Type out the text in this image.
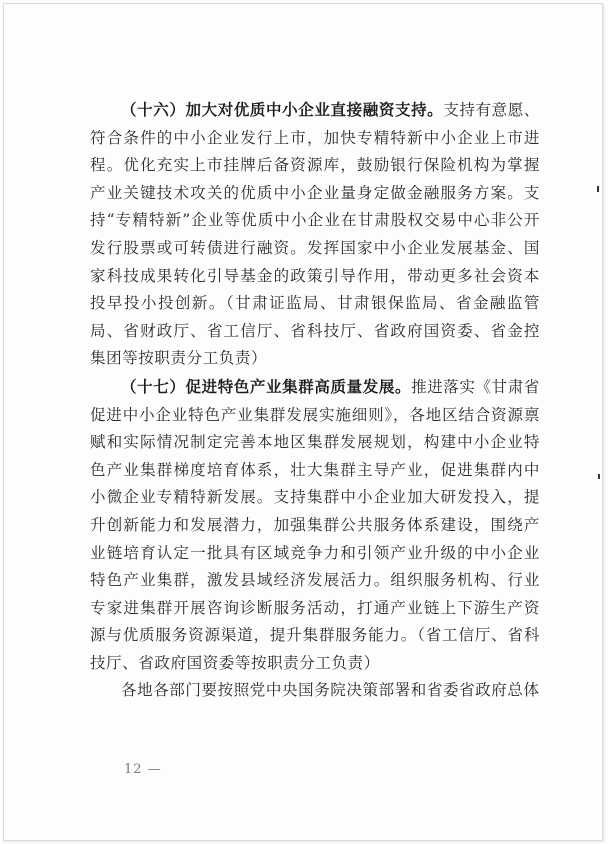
（十六）加大对优质中小企业直接融资支持。支持有意愿、符合条件的中小企业发行上市，加快专精特新中小企业上市进程。优化充实上市挂牌后备资源库，鼓励银行保险机构为掌握产业关键技术攻关的优质中小企业量身定做金融服务方案。支持“专精特新”企业等优质中小企业在甘肃股权交易中心非公开发行股票或可转债进行融资。发挥国家中小企业发展基金、国家科技成果转化引导基金的政策引导作用，带动更多社会资本投早投小投创新。（甘肃证监局、甘肃银保监局、省金融监管局、省财政厅、省工信厅、省科技厅、省政府国资委、省金控集团等按职责分工负责）

（十七）促进特色产业集群高质量发展。推进落实《甘肃省促进中小企业特色产业集群发展实施细则》，各地区结合资源禀赋和实际情况制定完善本地区集群发展规划，构建中小企业特色产业集群梯度培育体系，壮大集群主导产业，促进集群内中小微企业专精特新发展。支持集群中小企业加大研发投入，提升创新能力和发展潜力，加强集群公共服务体系建设，围绕产业链培育认定一批具有区域竞争力和引领产业升级的中小企业特色产业集群，激发县域经济发展活力。组织服务机构、行业专家进集群开展咨询诊断服务活动，打通产业链上下游生产资源与优质服务资源渠道，提升集群服务能力。（省工信厅、省科技厅、省政府国资委等按职责分工负责）

各地各部门要按照党中央国务院决策部署和省委省政府总体

12 —
